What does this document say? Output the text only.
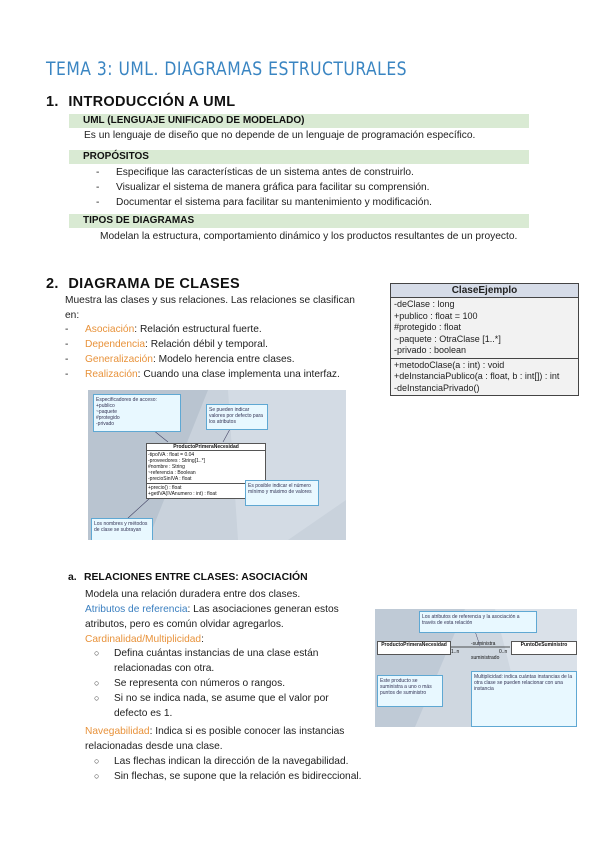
TEMA 3: UML. DIAGRAMAS ESTRUCTURALES
1. INTRODUCCIÓN A UML
UML (LENGUAJE UNIFICADO DE MODELADO)
Es un lenguaje de diseño que no depende de un lenguaje de programación específico.
PROPÓSITOS
- Especifique las características de un sistema antes de construirlo.
- Visualizar el sistema de manera gráfica para facilitar su comprensión.
- Documentar el sistema para facilitar su mantenimiento y modificación.
TIPOS DE DIAGRAMAS
Modelan la estructura, comportamiento dinámico y los productos resultantes de un proyecto.
2. DIAGRAMA DE CLASES
Muestra las clases y sus relaciones. Las relaciones se clasifican en:
- Asociación: Relación estructural fuerte.
- Dependencia: Relación débil y temporal.
- Generalización: Modelo herencia entre clases.
- Realización: Cuando una clase implementa una interfaz.
ClaseEjemplo
-deClase : long
+publico : float = 100
#protegido : float
~paquete : OtraClase [1..*]
-privado : boolean
+metodoClase(a : int) : void
+deInstanciaPublico(a : float, b : int[]) : int
-deInstanciaPrivado()
Especificadores de acceso:
+publico
~paquete
#protegido
-privado
Se pueden indicar valores por defecto para los atributos
ProductoPrimeraNecesidad
-tipoIVA : float = 0.04
-proveedores : String[1..*]
#nombre : String
~referencia : Boolean
-precioSinIVA : float
+precio() : float
+getIVA(IVAnumero : int) : float
Es posible indicar el número mínimo y máximo de valores
Los nombres y métodos de clase se subrayan
a. RELACIONES ENTRE CLASES: ASOCIACIÓN
Modela una relación duradera entre dos clases.
Atributos de referencia: Las asociaciones generan estos atributos, pero es común olvidar agregarlos.
Cardinalidad/Multiplicidad:
○ Defina cuántas instancias de una clase están relacionadas con otra.
○ Se representa con números o rangos.
○ Si no se indica nada, se asume que el valor por defecto es 1.
Navegabilidad: Indica si es posible conocer las instancias relacionadas desde una clase.
○ Las flechas indican la dirección de la navegabilidad.
○ Sin flechas, se supone que la relación es bidireccional.
Los atributos de referencia y la asociación a través de esta relación
ProductoPrimeraNecesidad	PuntoDeSuministro
-suministra
1..n	0..n
suministrado
Este producto se suministra a uno o más puntos de suministro
Multiplicidad: indica cuántas instancias de la otra clase se pueden relacionar con una instancia
